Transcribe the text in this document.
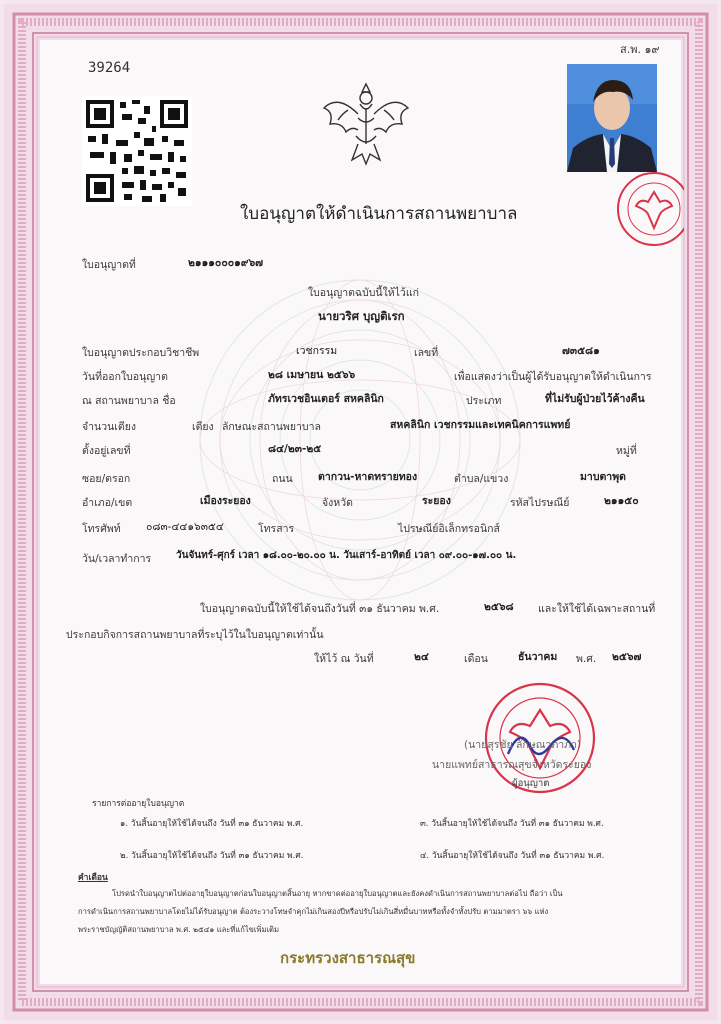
39264
ส.พ. ๑๙
ใบอนุญาตให้ดำเนินการสถานพยาบาล
ใบอนุญาตที่	๒๑๑๑๐๐๐๑๙๖๗
ใบอนุญาตฉบับนี้ให้ไว้แก่
นายวริศ บุญติเรก
ใบอนุญาตประกอบวิชาชีพ	เวชกรรม	เลขที่	๗๓๕๘๑
วันที่ออกใบอนุญาต	๒๘ เมษายน ๒๕๖๖	เพื่อแสดงว่าเป็นผู้ได้รับอนุญาตให้ดำเนินการ
ณ สถานพยาบาล ชื่อ	ภัทรเวชอินเตอร์ สหคลินิก	ประเภท	ที่ไม่รับผู้ป่วยไว้ค้างคืน
จำนวนเตียง	เตียง ลักษณะสถานพยาบาล	สหคลินิก เวชกรรมและเทคนิคการแพทย์
ตั้งอยู่เลขที่	๘๔/๒๓-๒๕	หมู่ที่
ซอย/ตรอก	ถนน ตากวน-หาดทรายทอง	ตำบล/แขวง	มาบตาพุด
อำเภอ/เขต	เมืองระยอง	จังหวัด	ระยอง	รหัสไปรษณีย์	๒๑๑๕๐
โทรศัพท์ ๐๘๓-๔๔๑๖๓๕๔	โทรสาร	ไปรษณีย์อิเล็กทรอนิกส์
วัน/เวลาทำการ วันจันทร์-ศุกร์ เวลา ๑๘.๐๐-๒๐.๐๐ น. วันเสาร์-อาทิตย์ เวลา ๐๙.๐๐-๑๗.๐๐ น.
ใบอนุญาตฉบับนี้ให้ใช้ได้จนถึงวันที่ ๓๑ ธันวาคม พ.ศ.	๒๕๖๘ และให้ใช้ได้เฉพาะสถานที่
ประกอบกิจการสถานพยาบาลที่ระบุไว้ในใบอนุญาตเท่านั้น
ให้ไว้ ณ วันที่	๒๔	เดือน	ธันวาคม พ.ศ. ๒๕๖๗
(นายสุรชัย ลักษณาภาภา)
นายแพทย์สาธารณสุขจังหวัดระยอง
ผู้อนุญาต
รายการต่ออายุใบอนุญาต
๑. วันสิ้นอายุให้ใช้ได้จนถึง วันที่ ๓๑ ธันวาคม พ.ศ.	๓. วันสิ้นอายุให้ใช้ได้จนถึง วันที่ ๓๑ ธันวาคม พ.ศ.
๒. วันสิ้นอายุให้ใช้ได้จนถึง วันที่ ๓๑ ธันวาคม พ.ศ.	๔. วันสิ้นอายุให้ใช้ได้จนถึง วันที่ ๓๑ ธันวาคม พ.ศ.
คำเตือน
โปรดนำใบอนุญาตไปต่ออายุใบอนุญาตก่อนใบอนุญาตสิ้นอายุ หากขาดต่ออายุใบอนุญาตและยังคงดำเนินการสถานพยาบาลต่อไป ถือว่า เป็น
การดำเนินการสถานพยาบาลโดยไม่ได้รับอนุญาต ต้องระวางโทษจำคุกไม่เกินสองปีหรือปรับไม่เกินสี่หมื่นบาทหรือทั้งจำทั้งปรับ ตามมาตรา ๖๖ แห่ง
พระราชบัญญัติสถานพยาบาล พ.ศ. ๒๕๔๑ และที่แก้ไขเพิ่มเติม
กระทรวงสาธารณสุข
